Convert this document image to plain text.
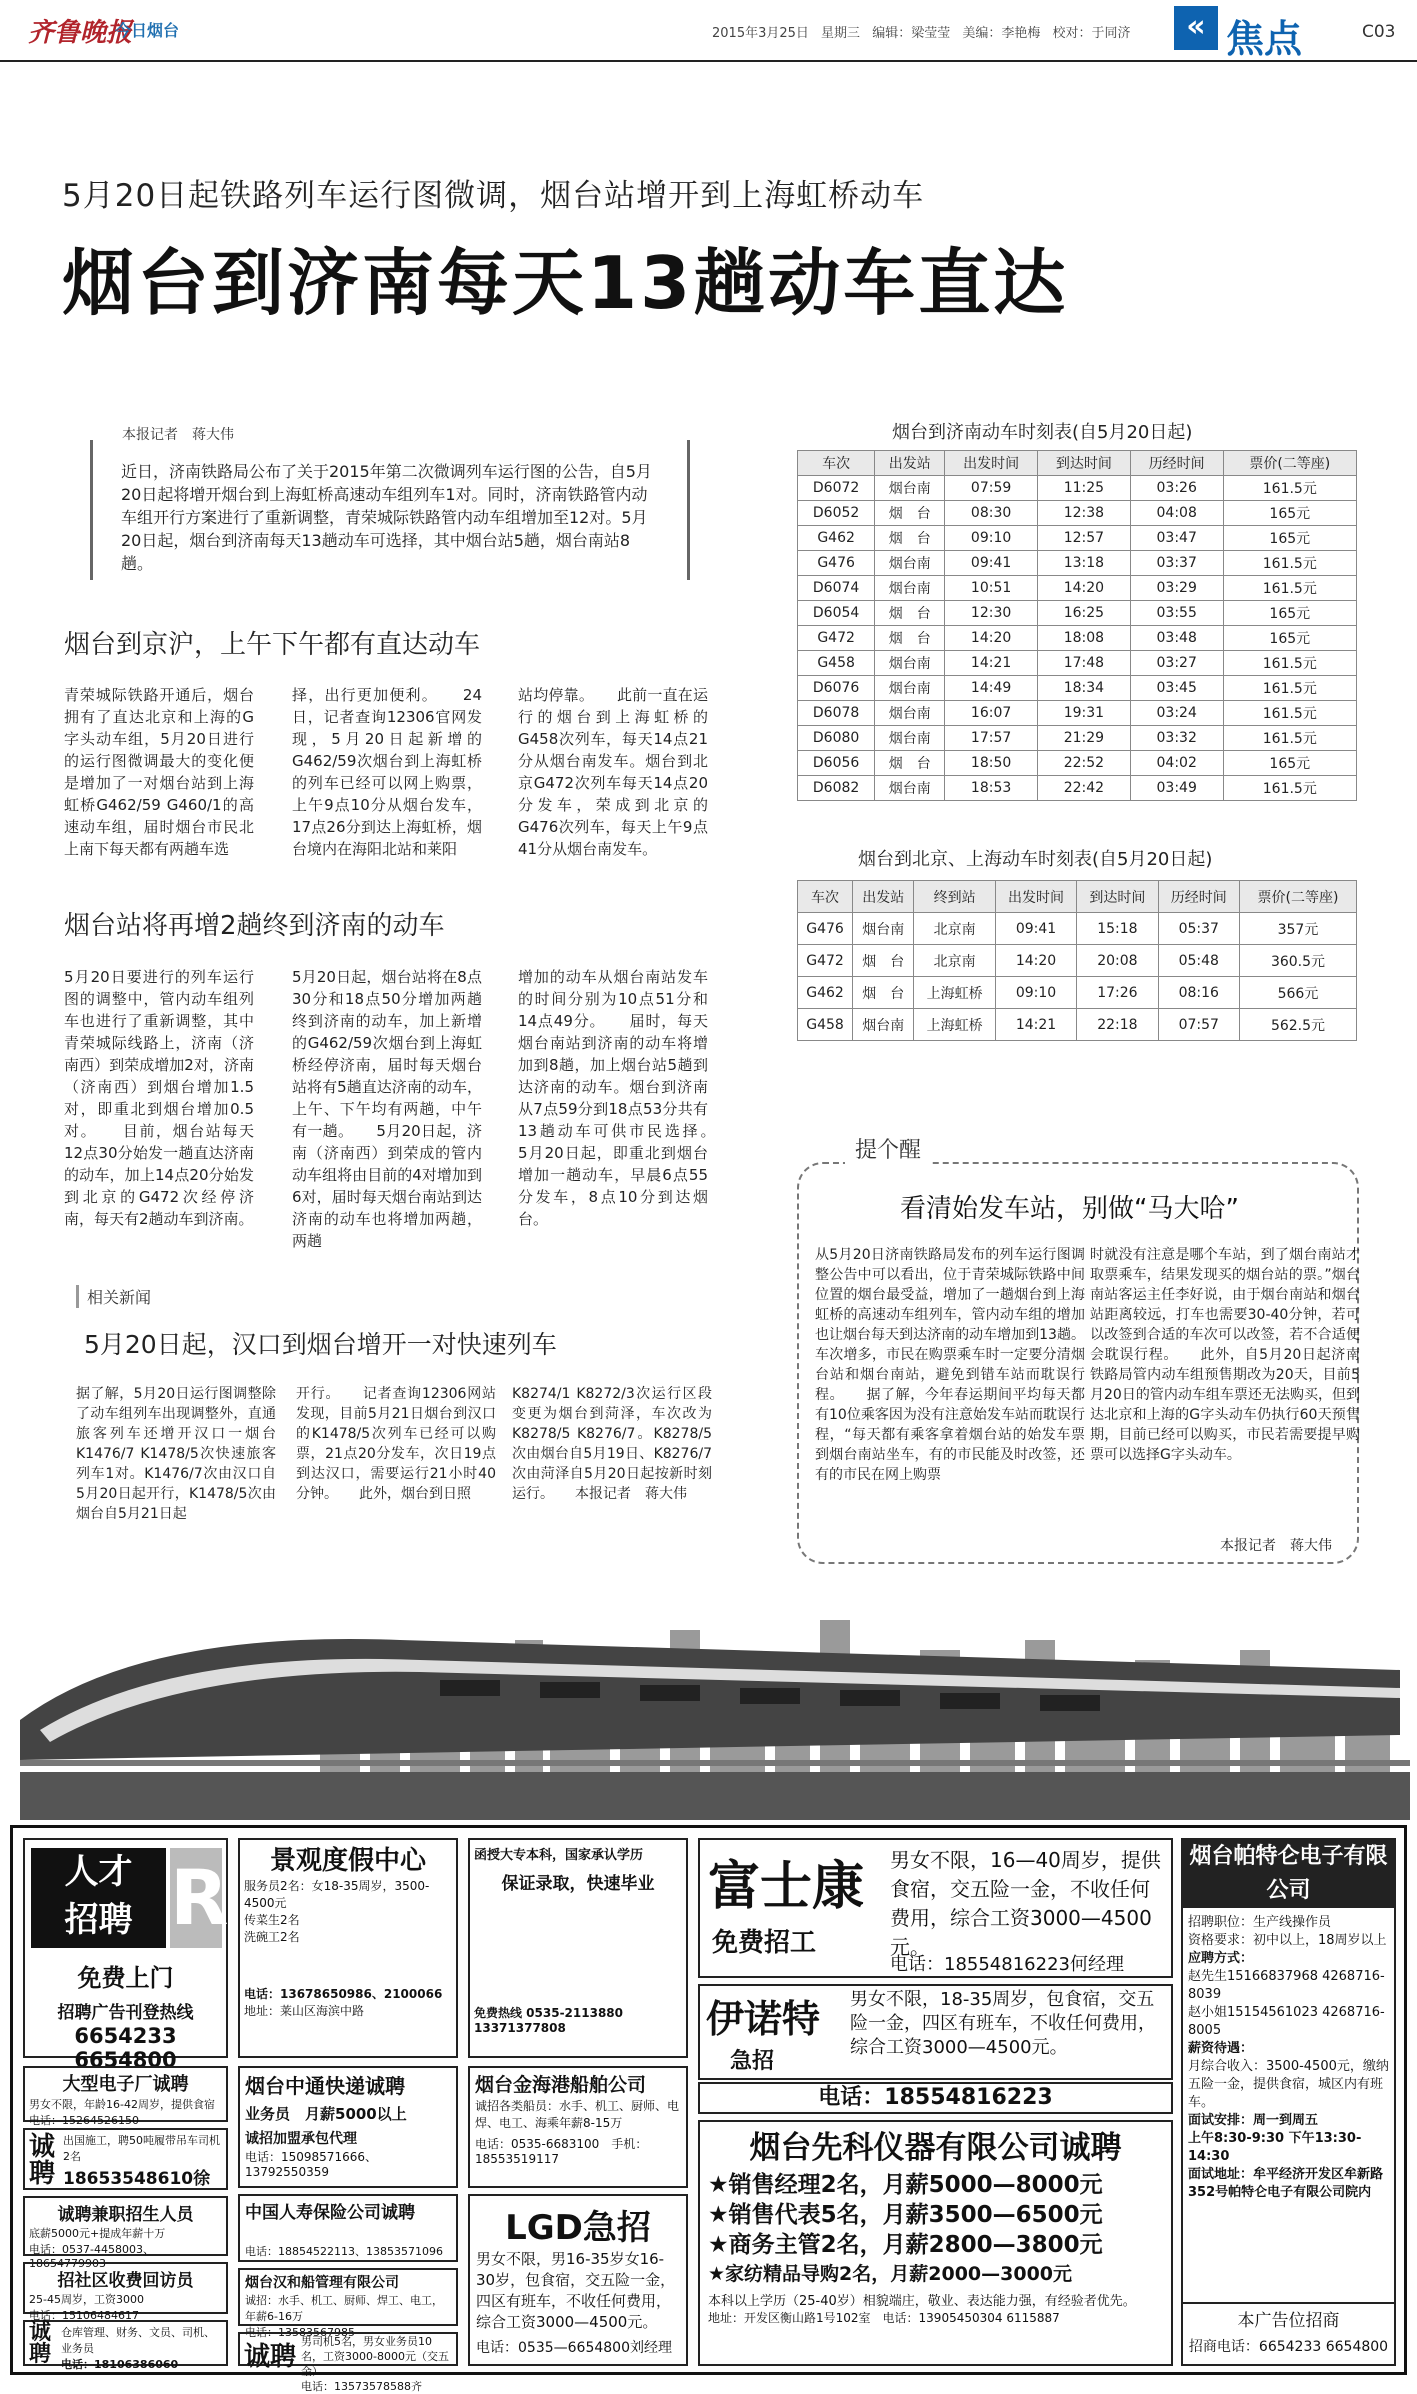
齐鲁晚报
今日烟台	2015年3月25日 星期三 编辑：梁莹莹 美编：李艳梅 校对：于同济	« 焦点	C03
5月20日起铁路列车运行图微调，烟台站增开到上海虹桥动车
烟台到济南每天13趟动车直达
本报记者　蒋大伟
近日，济南铁路局公布了关于2015年第二次微调列车运行图的公告，自5月20日起将增开烟台到上海虹桥高速动车组列车1对。同时，济南铁路管内动车组开行方案进行了重新调整，青荣城际铁路管内动车组增加至12对。5月20日起，烟台到济南每天13趟动车可选择，其中烟台站5趟，烟台南站8趟。
烟台到京沪，上午下午都有直达动车
青荣城际铁路开通后，烟台拥有了直达北京和上海的G字头动车组，5月20日进行的运行图微调最大的变化便是增加了一对烟台站到上海虹桥G462/59 G460/1的高速动车组，届时烟台市民北上南下每天都有两趟车选
择，出行更加便利。　　24日，记者查询12306官网发现，5月20日起新增的G462/59次烟台到上海虹桥的列车已经可以网上购票，上午9点10分从烟台发车，17点26分到达上海虹桥，烟台境内在海阳北站和莱阳
站均停靠。　　此前一直在运行的烟台到上海虹桥的G458次列车，每天14点21分从烟台南发车。烟台到北京G472次列车每天14点20分发车，荣成到北京的G476次列车，每天上午9点41分从烟台南发车。
烟台站将再增2趟终到济南的动车
5月20日要进行的列车运行图的调整中，管内动车组列车也进行了重新调整，其中青荣城际线路上，济南（济南西）到荣成增加2对，济南（济南西）到烟台增加1.5对，即重北到烟台增加0.5对。　　目前，烟台站每天12点30分始发一趟直达济南的动车，加上14点20分始发到北京的G472次经停济南，每天有2趟动车到济南。
5月20日起，烟台站将在8点30分和18点50分增加两趟终到济南的动车，加上新增的G462/59次烟台到上海虹桥经停济南，届时每天烟台站将有5趟直达济南的动车，上午、下午均有两趟，中午有一趟。　　5月20日起，济南（济南西）到荣成的管内动车组将由目前的4对增加到6对，届时每天烟台南站到达济南的动车也将增加两趟，两趟
增加的动车从烟台南站发车的时间分别为10点51分和14点49分。　　届时，每天烟台南站到济南的动车将增加到8趟，加上烟台站5趟到达济南的动车。烟台到济南从7点59分到18点53分共有13趟动车可供市民选择。　　5月20日起，即重北到烟台增加一趟动车，早晨6点55分发车，8点10分到达烟台。
烟台到济南动车时刻表(自5月20日起)
车次	出发站	出发时间	到达时间	历经时间	票价(二等座)
D6072	烟台南	07:59	11:25	03:26	161.5元
D6052	烟　台	08:30	12:38	04:08	165元
G462	烟　台	09:10	12:57	03:47	165元
G476	烟台南	09:41	13:18	03:37	161.5元
D6074	烟台南	10:51	14:20	03:29	161.5元
D6054	烟　台	12:30	16:25	03:55	165元
G472	烟　台	14:20	18:08	03:48	165元
G458	烟台南	14:21	17:48	03:27	161.5元
D6076	烟台南	14:49	18:34	03:45	161.5元
D6078	烟台南	16:07	19:31	03:24	161.5元
D6080	烟台南	17:57	21:29	03:32	161.5元
D6056	烟　台	18:50	22:52	04:02	165元
D6082	烟台南	18:53	22:42	03:49	161.5元
烟台到北京、上海动车时刻表(自5月20日起)
车次	出发站	终到站	出发时间	到达时间	历经时间	票价(二等座)
G476	烟台南	北京南	09:41	15:18	05:37	357元
G472	烟　台	北京南	14:20	20:08	05:48	360.5元
G462	烟　台	上海虹桥	09:10	17:26	08:16	566元
G458	烟台南	上海虹桥	14:21	22:18	07:57	562.5元
提个醒
看清始发车站，别做“马大哈”
从5月20日济南铁路局发布的列车运行图调整公告中可以看出，位于青荣城际铁路中间位置的烟台最受益，增加了一趟烟台到上海虹桥的高速动车组列车，管内动车组的增加也让烟台每天到达济南的动车增加到13趟。车次增多，市民在购票乘车时一定要分清烟台站和烟台南站，避免到错车站而耽误行程。　　据了解，今年春运期间平均每天都有10位乘客因为没有注意始发车站而耽误行程，“每天都有乘客拿着烟台站的始发车票到烟台南站坐车，有的市民能及时改签，还有的市民在网上购票
时就没有注意是哪个车站，到了烟台南站才取票乘车，结果发现买的烟台站的票。”烟台南站客运主任李好说，由于烟台南站和烟台站距离较远，打车也需要30-40分钟，若可以改签到合适的车次可以改签，若不合适便会耽误行程。　　此外，自5月20日起济南铁路局管内动车组预售期改为20天，目前5月20日的管内动车组车票还无法购买，但到达北京和上海的G字头动车仍执行60天预售期，目前已经可以购买，市民若需要提早购票可以选择G字头动车。
本报记者　蒋大伟
相关新闻
5月20日起，汉口到烟台增开一对快速列车
据了解，5月20日运行图调整除了动车组列车出现调整外，直通旅客列车还增开汉口一烟台K1476/7 K1478/5次快速旅客列车1对。K1476/7次由汉口自5月20日起开行，K1478/5次由烟台自5月21日起
开行。　　记者查询12306网站发现，目前5月21日烟台到汉口的K1478/5次列车已经可以购票，21点20分发车，次日19点到达汉口，需要运行21小时40分钟。　　此外，烟台到日照
K8274/1 K8272/3次运行区段变更为烟台到菏泽，车次改为K8278/5 K8276/7。K8278/5次由烟台自5月19日、K8276/7次由菏泽自5月20日起按新时刻运行。　　本报记者　蒋大伟
人才
招聘 R
免费上门
招聘广告刊登热线
6654233 6654800
景观度假中心
服务员2名：女18-35周岁，3500-4500元
传菜生2名
洗碗工2名
电话：13678650986、2100066
地址：莱山区海滨中路
函授大专本科，国家承认学历
保证录取，快速毕业
免费热线 0535-2113880 13371377808
富士康
免费招工
男女不限，16—40周岁，提供食宿，交五险一金，不收任何费用，综合工资3000—4500元。
电话：18554816223何经理
烟台帕特仑电子有限公司
招聘职位：生产线操作员
资格要求：初中以上，18周岁以上
应聘方式：
赵先生15166837968 4268716-8039
赵小姐15154561023 4268716-8005
薪资待遇：
月综合收入：3500-4500元，缴纳五险一金，提供食宿，城区内有班车。
面试安排：周一到周五
上午8:30-9:30 下午13:30-14:30
面试地址：牟平经济开发区牟新路352号帕特仑电子有限公司院内
本广告位招商
招商电话：6654233 6654800
大型电子厂诚聘
男女不限，年龄16-42周岁，提供食宿
电话：15264526150
诚聘
出国施工，聘50吨履带吊车司机2名
18653548610徐
诚聘兼职招生人员
底薪5000元+提成年薪十万
电话：0537-4458003、18654779903
招社区收费回访员
25-45周岁，工资3000
电话：15106484617
诚聘
仓库管理、财务、文员、司机、业务员
电话：18106386060
烟台中通快递诚聘
业务员　月薪5000以上
诚招加盟承包代理
电话：15098571666、13792550359
烟台金海港船舶公司
诚招各类船员：水手、机工、厨师、电焊、电工、海乘年薪8-15万
电话：0535-6683100　手机：18553519117
伊诺特
急招
男女不限，18-35周岁，包食宿，交五险一金，四区有班车，不收任何费用，综合工资3000—4500元。
电话：18554816223
中国人寿保险公司诚聘
电话：18854522113、13853571096
烟台汉和船管理有限公司
诚招：水手、机工、厨师、焊工、电工，年薪6-16万
电话：13583567985
诚聘
男司机5名，男女业务员10名，工资3000-8000元（交五金）
电话：13573578588齐
LGD急招
男女不限，男16-35岁女16-30岁，包食宿，交五险一金，四区有班车，不收任何费用，综合工资3000—4500元。
电话：0535—6654800刘经理
烟台先科仪器有限公司诚聘
★销售经理2名，月薪5000—8000元
★销售代表5名，月薪3500—6500元
★商务主管2名，月薪2800—3800元
★家纺精品导购2名，月薪2000—3000元
本科以上学历（25-40岁）相貌端庄，敬业、表达能力强，有经验者优先。
地址：开发区衡山路1号102室　电话：13905450304 6115887
